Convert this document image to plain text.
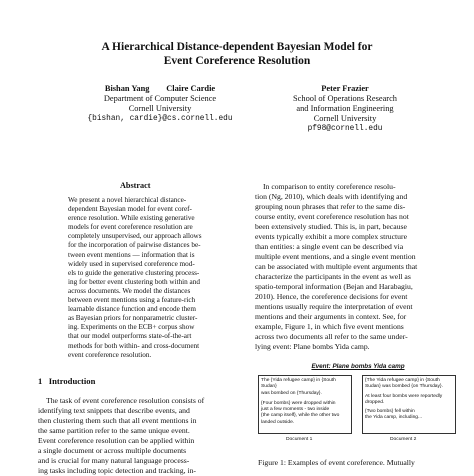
A Hierarchical Distance-dependent Bayesian Model for
Event Coreference Resolution
Bishan Yang        Claire Cardie
Department of Computer Science
Cornell University
{bishan, cardie}@cs.cornell.edu
Peter Frazier
School of Operations Research
and Information Engineering
Cornell University
pf98@cornell.edu
Abstract
We present a novel hierarchical distance-
dependent Bayesian model for event coref-
erence resolution. While existing generative
models for event coreference resolution are
completely unsupervised, our approach allows
for the incorporation of pairwise distances be-
tween event mentions — information that is
widely used in supervised coreference mod-
els to guide the generative clustering process-
ing for better event clustering both within and
across documents. We model the distances
between event mentions using a feature-rich
learnable distance function and encode them
as Bayesian priors for nonparametric cluster-
ing. Experiments on the ECB+ corpus show
that our model outperforms state-of-the-art
methods for both within- and cross-document
event coreference resolution.
1   Introduction
The task of event coreference resolution consists of
identifying text snippets that describe events, and
then clustering them such that all event mentions in
the same partition refer to the same unique event.
Event coreference resolution can be applied within
a single document or across multiple documents
and is crucial for many natural language process-
ing tasks including topic detection and tracking, in-
In comparison to entity coreference resolu-
tion (Ng, 2010), which deals with identifying and
grouping noun phrases that refer to the same dis-
course entity, event coreference resolution has not
been extensively studied. This is, in part, because
events typically exhibit a more complex structure
than entities: a single event can be described via
multiple event mentions, and a single event mention
can be associated with multiple event arguments that
characterize the participants in the event as well as
spatio-temporal information (Bejan and Harabagiu,
2010). Hence, the coreference decisions for event
mentions usually require the interpretation of event
mentions and their arguments in context. See, for
example, Figure 1, in which five event mentions
across two documents all refer to the same under-
lying event: Plane bombs Yida camp.
Event: Plane bombs Yida camp
The {Yida refugee camp} in {South Sudan}
was bombed on {Thursday}.
{Four bombs} were dropped within
just a few moments - two inside
{the camp itself}, while the other two
landed outside.
{The Yida refugee camp} in {South
Sudan} was bombed {on Thursday}.
At least four bombs were reportedly
dropped.
{Two bombs} fell within
the Yida camp, including...
Document 1	Document 2
Figure 1: Examples of event coreference. Mutually
